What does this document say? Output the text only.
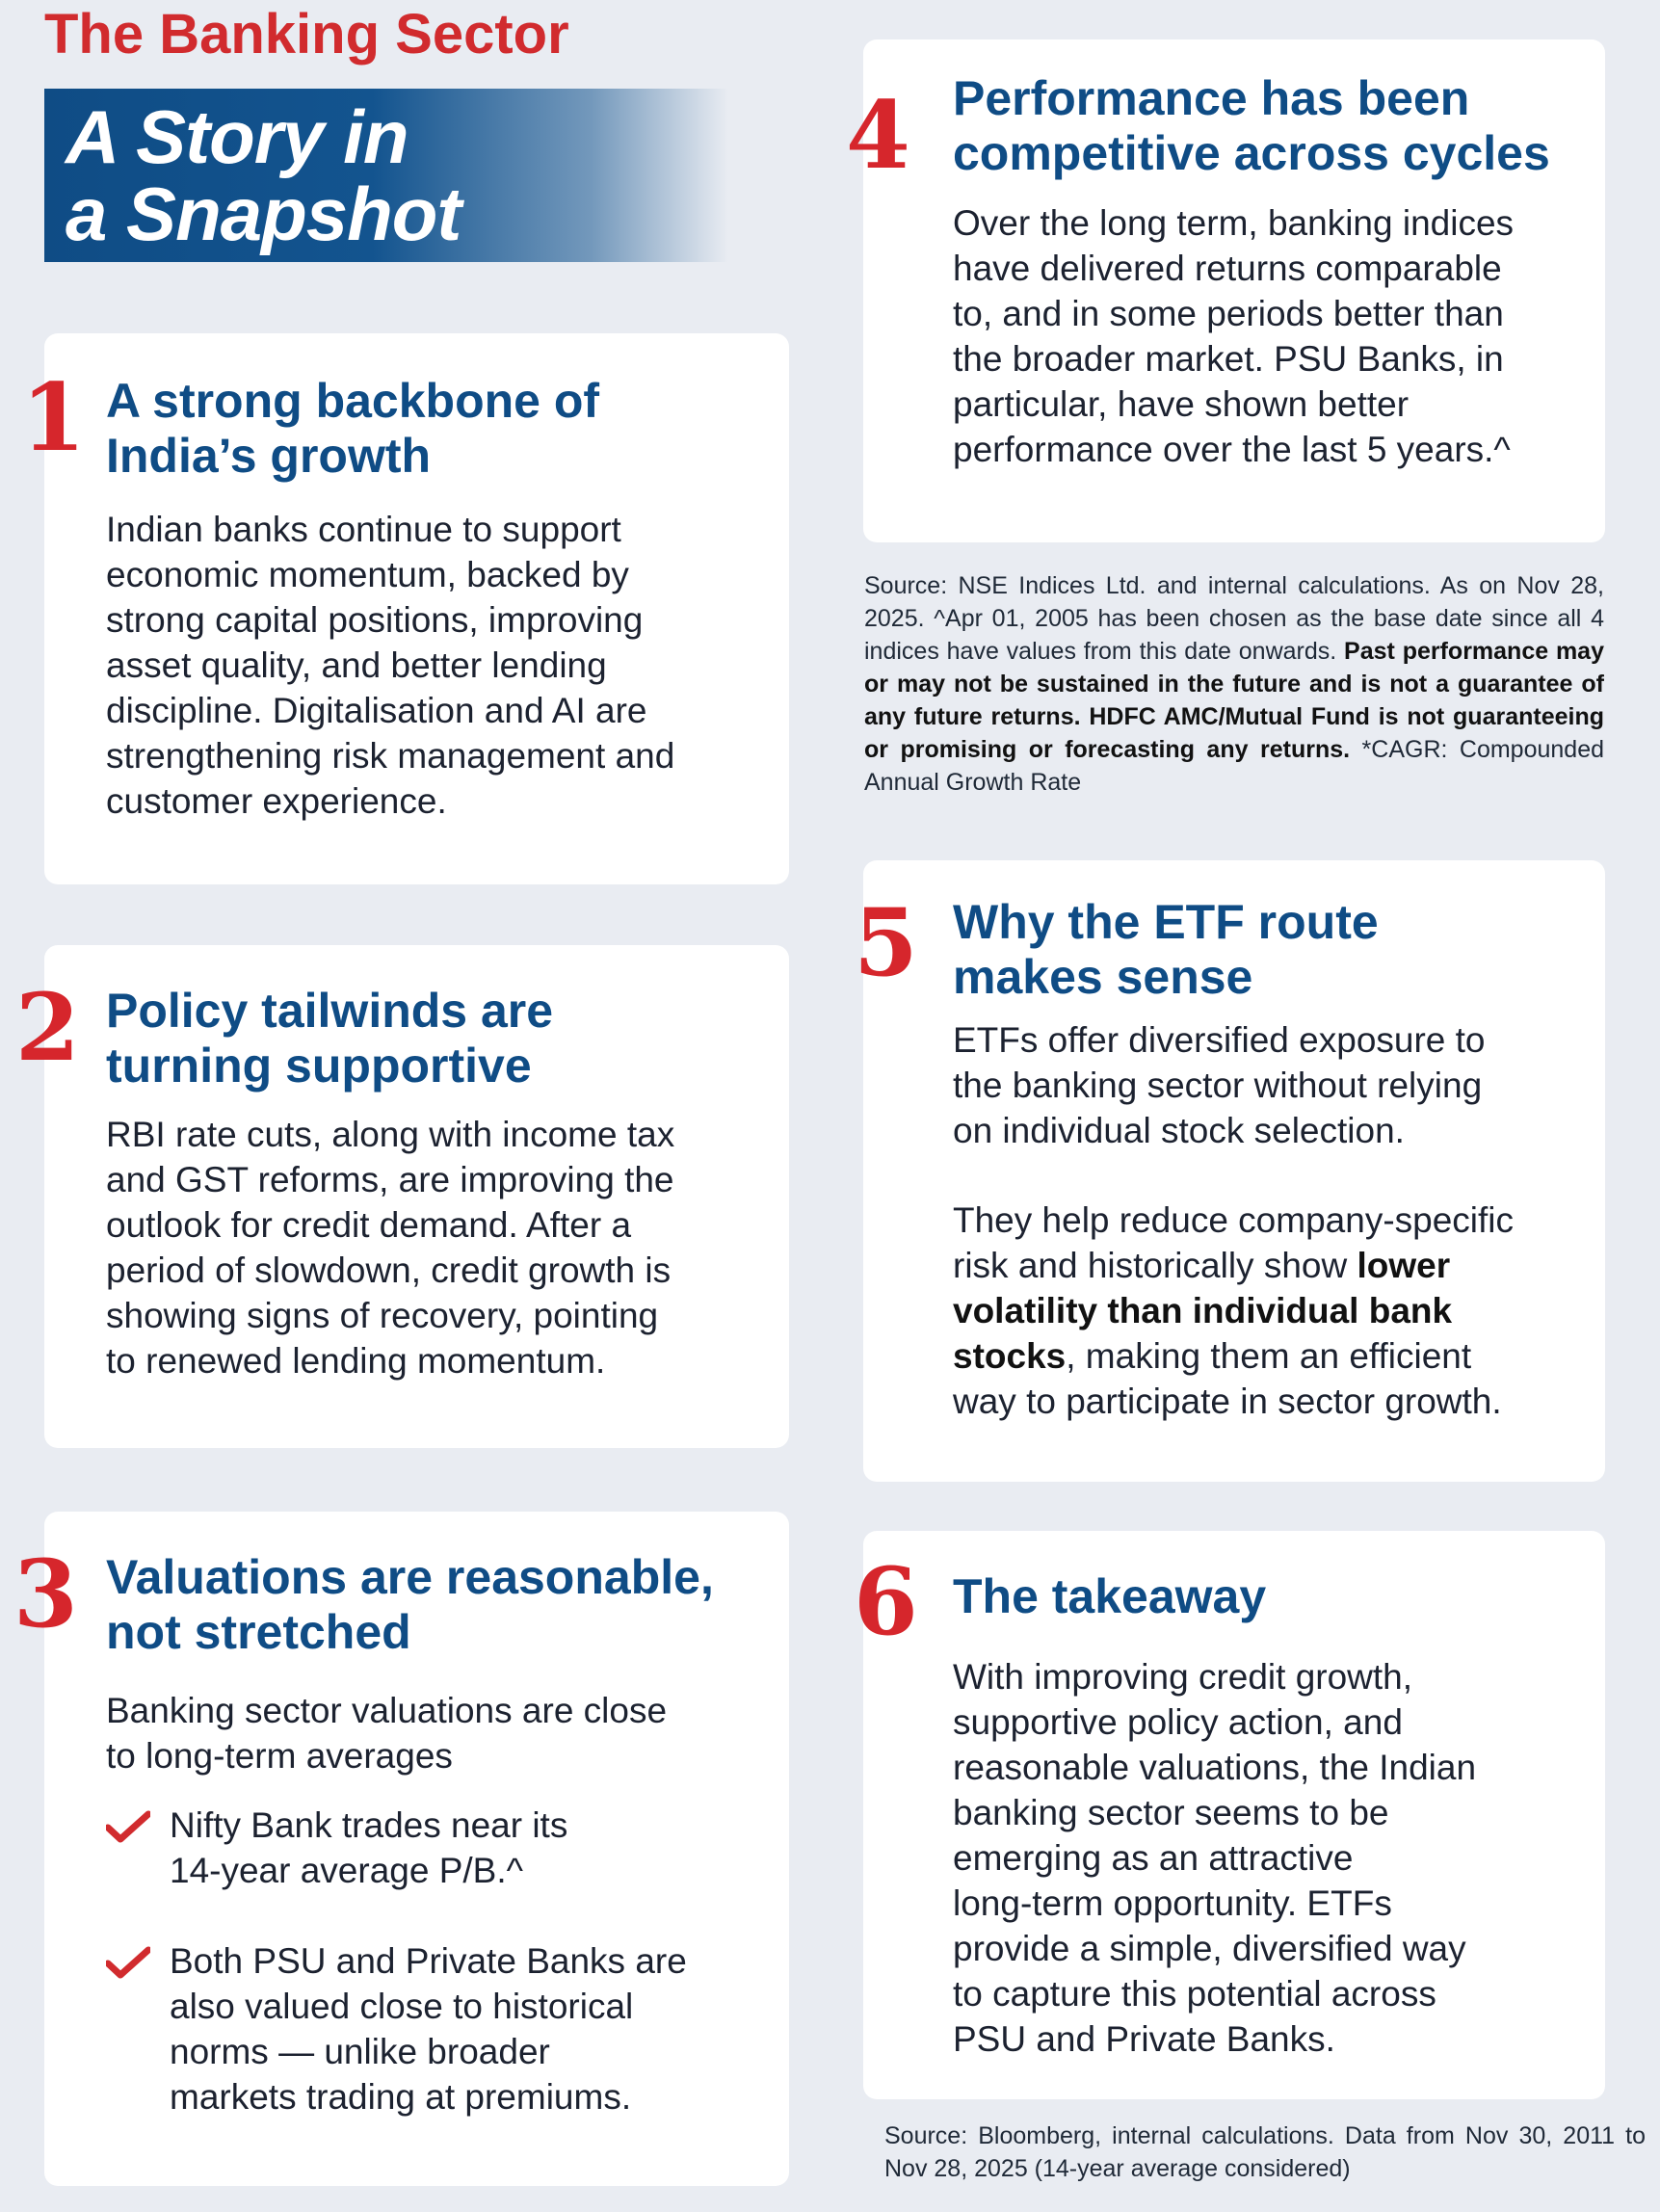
The Banking Sector

A Story in
a Snapshot

1 A strong backbone of
India’s growth

Indian banks continue to support
economic momentum, backed by
strong capital positions, improving
asset quality, and better lending
discipline. Digitalisation and AI are
strengthening risk management and
customer experience.

2 Policy tailwinds are
turning supportive

RBI rate cuts, along with income tax
and GST reforms, are improving the
outlook for credit demand. After a
period of slowdown, credit growth is
showing signs of recovery, pointing
to renewed lending momentum.

3 Valuations are reasonable,
not stretched

Banking sector valuations are close
to long-term averages

Nifty Bank trades near its
14-year average P/B.^

Both PSU and Private Banks are
also valued close to historical
norms — unlike broader
markets trading at premiums.

4 Performance has been
competitive across cycles

Over the long term, banking indices
have delivered returns comparable
to, and in some periods better than
the broader market. PSU Banks, in
particular, have shown better
performance over the last 5 years.^

Source: NSE Indices Ltd. and internal calculations. As on Nov 28, 2025. ^Apr 01, 2005 has been chosen as the base date since all 4 indices have values from this date onwards. Past performance may or may not be sustained in the future and is not a guarantee of any future returns. HDFC AMC/Mutual Fund is not guaranteeing or promising or forecasting any returns. *CAGR: Compounded Annual Growth Rate

5 Why the ETF route
makes sense

ETFs offer diversified exposure to
the banking sector without relying
on individual stock selection.

They help reduce company-specific
risk and historically show lower
volatility than individual bank
stocks, making them an efficient
way to participate in sector growth.

6 The takeaway

With improving credit growth,
supportive policy action, and
reasonable valuations, the Indian
banking sector seems to be
emerging as an attractive
long-term opportunity. ETFs
provide a simple, diversified way
to capture this potential across
PSU and Private Banks.

Source: Bloomberg, internal calculations. Data from Nov 30, 2011 to Nov 28, 2025 (14-year average considered)
